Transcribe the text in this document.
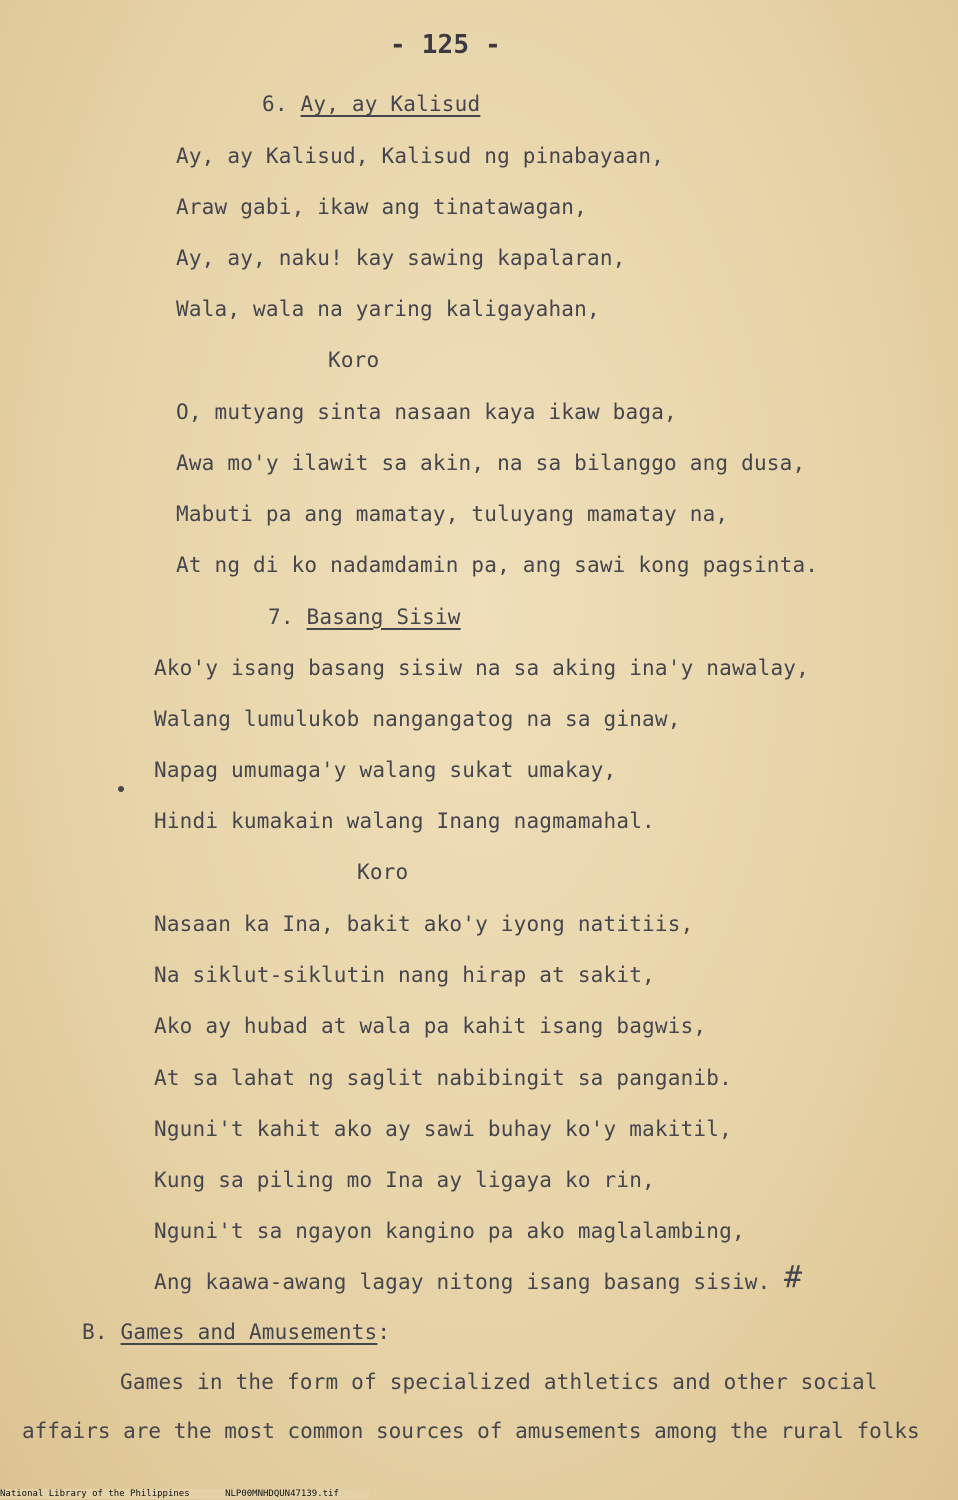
- 125 -
6. Ay, ay Kalisud
Ay, ay Kalisud, Kalisud ng pinabayaan,
Araw gabi, ikaw ang tinatawagan,
Ay, ay, naku! kay sawing kapalaran,
Wala, wala na yaring kaligayahan,
Koro
O, mutyang sinta nasaan kaya ikaw baga,
Awa mo'y ilawit sa akin, na sa bilanggo ang dusa,
Mabuti pa ang mamatay, tuluyang mamatay na,
At ng di ko nadamdamin pa, ang sawi kong pagsinta.
7. Basang Sisiw
Ako'y isang basang sisiw na sa aking ina'y nawalay,
Walang lumulukob nangangatog na sa ginaw,
Napag umumaga'y walang sukat umakay,
Hindi kumakain walang Inang nagmamahal.
Koro
Nasaan ka Ina, bakit ako'y iyong natitiis,
Na siklut-siklutin nang hirap at sakit,
Ako ay hubad at wala pa kahit isang bagwis,
At sa lahat ng saglit nabibingit sa panganib.
Nguni't kahit ako ay sawi buhay ko'y makitil,
Kung sa piling mo Ina ay ligaya ko rin,
Nguni't sa ngayon kangino pa ako maglalambing,
Ang kaawa-awang lagay nitong isang basang sisiw. #
B. Games and Amusements:
Games in the form of specialized athletics and other social
affairs are the most common sources of amusements among the rural folks
National Library of the Philippines	NLP00MNHDQUN47139.tif
